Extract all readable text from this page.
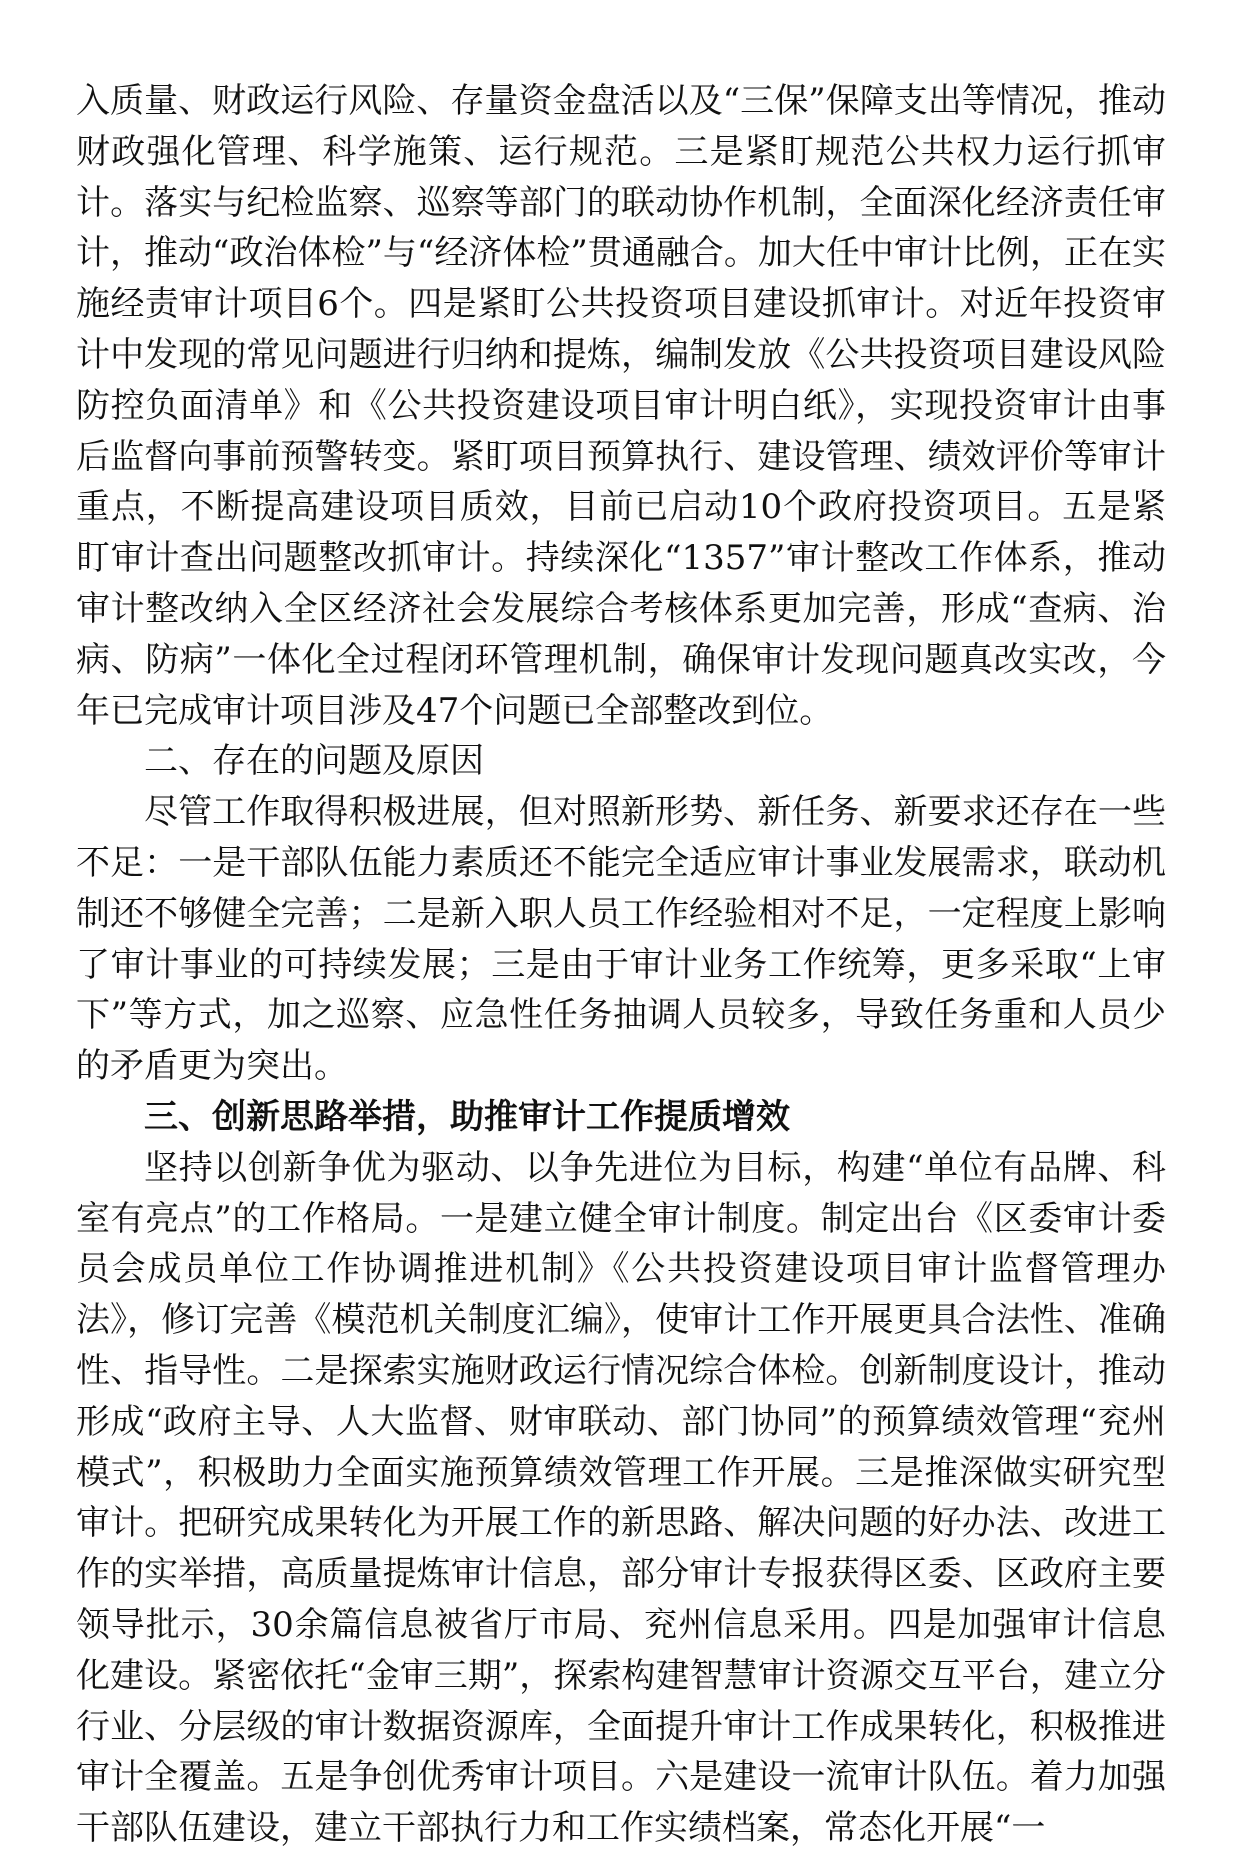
入质量、财政运行风险、存量资金盘活以及“三保”保障支出等情况，推动财政强化管理、科学施策、运行规范。三是紧盯规范公共权力运行抓审计。落实与纪检监察、巡察等部门的联动协作机制，全面深化经济责任审计，推动“政治体检”与“经济体检”贯通融合。加大任中审计比例，正在实施经责审计项目6个。四是紧盯公共投资项目建设抓审计。对近年投资审计中发现的常见问题进行归纳和提炼，编制发放《公共投资项目建设风险防控负面清单》和《公共投资建设项目审计明白纸》，实现投资审计由事后监督向事前预警转变。紧盯项目预算执行、建设管理、绩效评价等审计重点，不断提高建设项目质效，目前已启动10个政府投资项目。五是紧盯审计查出问题整改抓审计。持续深化“1357”审计整改工作体系，推动审计整改纳入全区经济社会发展综合考核体系更加完善，形成“查病、治病、防病”一体化全过程闭环管理机制，确保审计发现问题真改实改，今年已完成审计项目涉及47个问题已全部整改到位。

二、存在的问题及原因

尽管工作取得积极进展，但对照新形势、新任务、新要求还存在一些不足：一是干部队伍能力素质还不能完全适应审计事业发展需求，联动机制还不够健全完善；二是新入职人员工作经验相对不足，一定程度上影响了审计事业的可持续发展；三是由于审计业务工作统筹，更多采取“上审下”等方式，加之巡察、应急性任务抽调人员较多，导致任务重和人员少的矛盾更为突出。

三、创新思路举措，助推审计工作提质增效

坚持以创新争优为驱动、以争先进位为目标，构建“单位有品牌、科室有亮点”的工作格局。一是建立健全审计制度。制定出台《区委审计委员会成员单位工作协调推进机制》《公共投资建设项目审计监督管理办法》，修订完善《模范机关制度汇编》，使审计工作开展更具合法性、准确性、指导性。二是探索实施财政运行情况综合体检。创新制度设计，推动形成“政府主导、人大监督、财审联动、部门协同”的预算绩效管理“兖州模式”，积极助力全面实施预算绩效管理工作开展。三是推深做实研究型审计。把研究成果转化为开展工作的新思路、解决问题的好办法、改进工作的实举措，高质量提炼审计信息，部分审计专报获得区委、区政府主要领导批示，30余篇信息被省厅市局、兖州信息采用。四是加强审计信息化建设。紧密依托“金审三期”，探索构建智慧审计资源交互平台，建立分行业、分层级的审计数据资源库，全面提升审计工作成果转化，积极推进审计全覆盖。五是争创优秀审计项目。六是建设一流审计队伍。着力加强干部队伍建设，建立干部执行力和工作实绩档案，常态化开展“一
